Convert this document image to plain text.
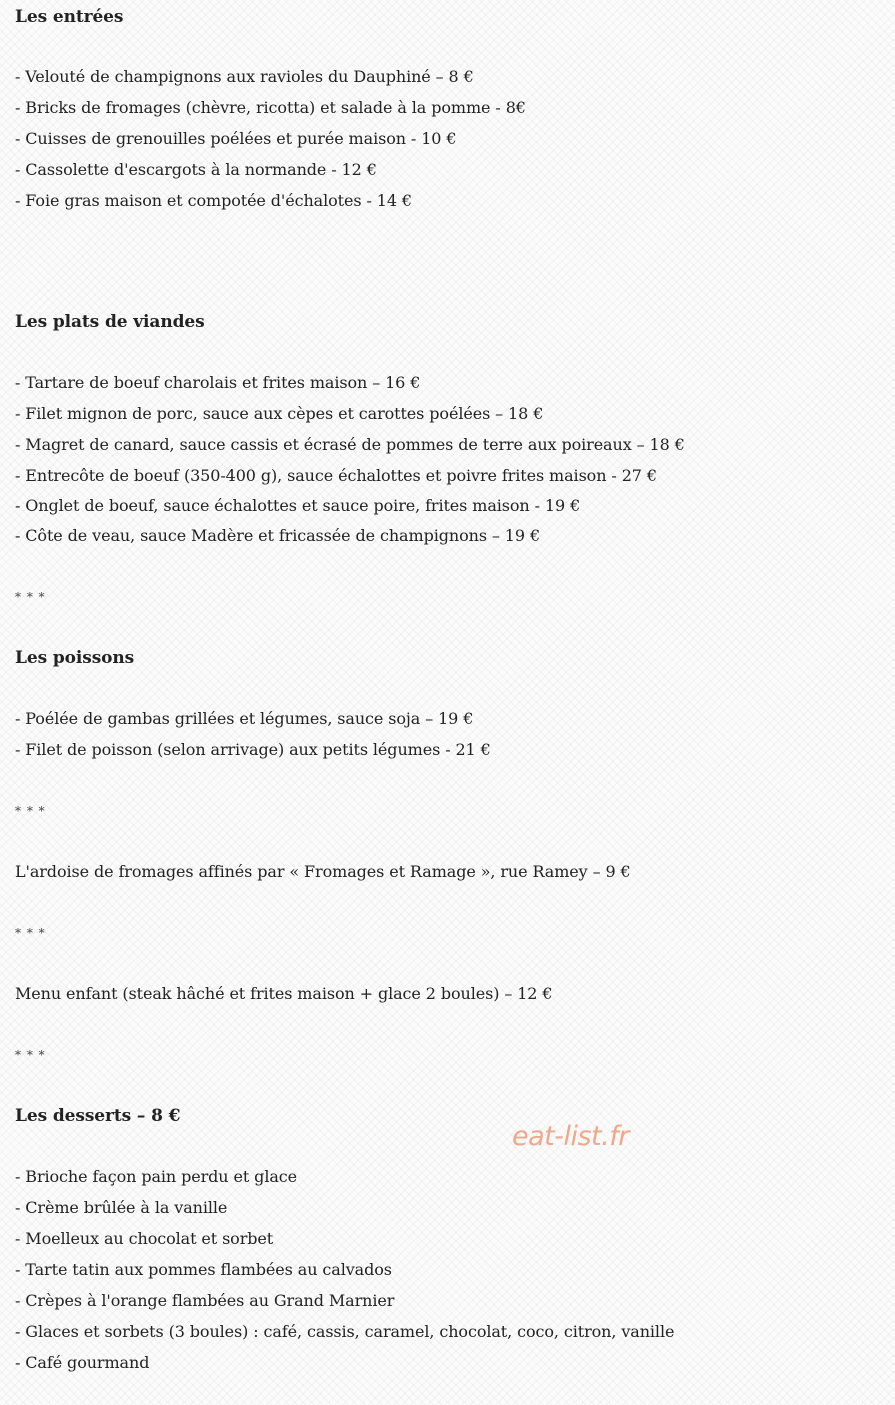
Les entrées
- Velouté de champignons aux ravioles du Dauphiné – 8 €
- Bricks de fromages (chèvre, ricotta) et salade à la pomme - 8€
- Cuisses de grenouilles poélées et purée maison - 10 €
- Cassolette d'escargots à la normande - 12 €
- Foie gras maison et compotée d'échalotes - 14 €
Les plats de viandes
- Tartare de boeuf charolais et frites maison – 16 €
- Filet mignon de porc, sauce aux cèpes et carottes poélées – 18 €
- Magret de canard, sauce cassis et écrasé de pommes de terre aux poireaux – 18 €
- Entrecôte de boeuf (350-400 g), sauce échalottes et poivre frites maison - 27 €
- Onglet de boeuf, sauce échalottes et sauce poire, frites maison - 19 €
- Côte de veau, sauce Madère et fricassée de champignons – 19 €
* * *
Les poissons
- Poélée de gambas grillées et légumes, sauce soja – 19 €
- Filet de poisson (selon arrivage) aux petits légumes - 21 €
* * *
L'ardoise de fromages affinés par « Fromages et Ramage », rue Ramey – 9 €
* * *
Menu enfant (steak hâché et frites maison + glace 2 boules) – 12 €
* * *
Les desserts – 8 €
- Brioche façon pain perdu et glace
- Crème brûlée à la vanille
- Moelleux au chocolat et sorbet
- Tarte tatin aux pommes flambées au calvados
- Crèpes à l'orange flambées au Grand Marnier
- Glaces et sorbets (3 boules) : café, cassis, caramel, chocolat, coco, citron, vanille
- Café gourmand
eat-list.fr
